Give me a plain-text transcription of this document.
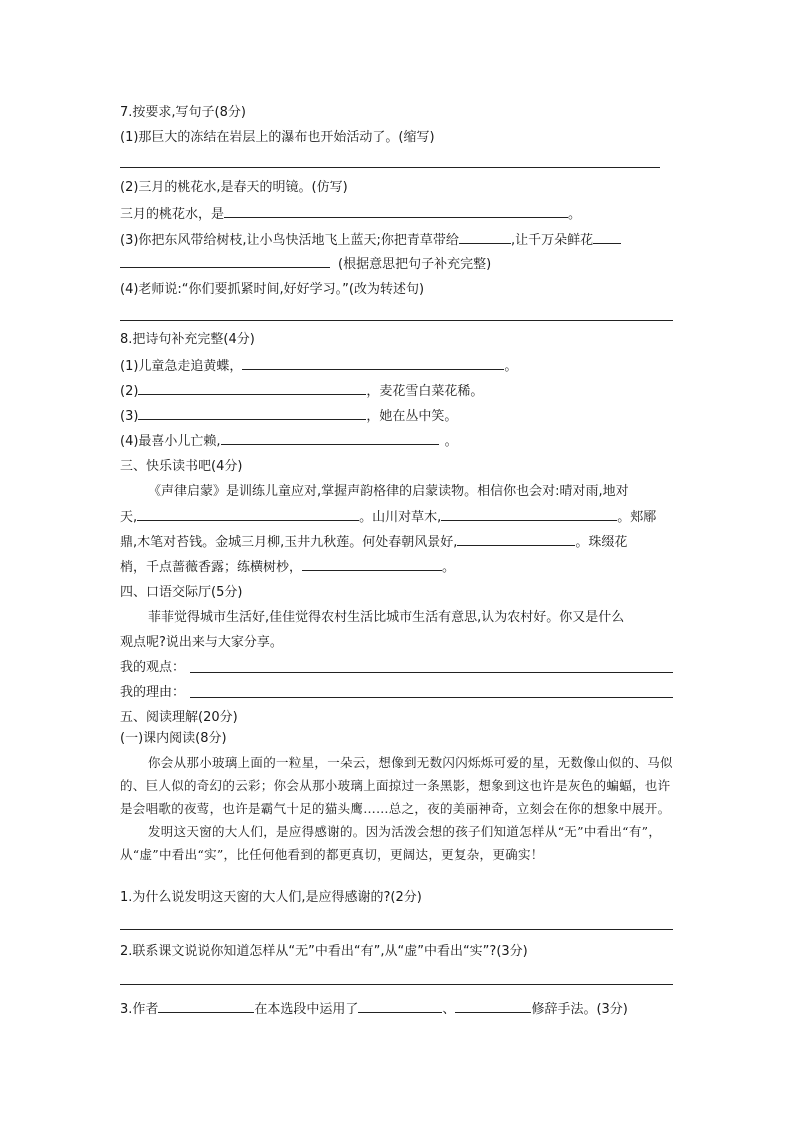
7.按要求,写句子(8分)
(1)那巨大的冻结在岩层上的瀑布也开始活动了。(缩写)
(2)三月的桃花水,是春天的明镜。(仿写)
三月的桃花水，是	。
(3)你把东风带给树枝,让小鸟快活地飞上蓝天;你把青草带给	,让千万朵鲜花
(根据意思把句子补充完整)
(4)老师说:“你们要抓紧时间,好好学习。”(改为转述句)
8.把诗句补充完整(4分)
(1)儿童急走追黄蝶，	。
(2)	，麦花雪白菜花稀。
(3)	，她在丛中笑。
(4)最喜小儿亡赖,	。
三、快乐读书吧(4分)
《声律启蒙》是训练儿童应对,掌握声韵格律的启蒙读物。相信你也会对:晴对雨,地对
天,	。山川对草木,	。郏鄏
鼎,木笔对苔钱。金城三月柳,玉井九秋莲。何处春朝风景好,	。珠缀花
梢，千点蔷薇香露；练横树杪，	。
四、口语交际厅(5分)
菲菲觉得城市生活好,佳佳觉得农村生活比城市生活有意思,认为农村好。你又是什么
观点呢?说出来与大家分享。
我的观点：
我的理由：
五、阅读理解(20分)
(一)课内阅读(8分)

你会从那小玻璃上面的一粒星，一朵云，想像到无数闪闪烁烁可爱的星，无数像山似的、马似的、巨人似的奇幻的云彩；你会从那小玻璃上面掠过一条黑影，想象到这也许是灰色的蝙蝠，也许是会唱歌的夜莺，也许是霸气十足的猫头鹰……总之，夜的美丽神奇，立刻会在你的想象中展开。

发明这天窗的大人们，是应得感谢的。因为活泼会想的孩子们知道怎样从“无”中看出“有”，从“虚”中看出“实”，比任何他看到的都更真切，更阔达，更复杂，更确实！

1.为什么说发明这天窗的大人们,是应得感谢的?(2分)
2.联系课文说说你知道怎样从“无”中看出“有”,从“虚”中看出“实”?(3分)
3.作者	在本选段中运用了	、	修辞手法。(3分)
